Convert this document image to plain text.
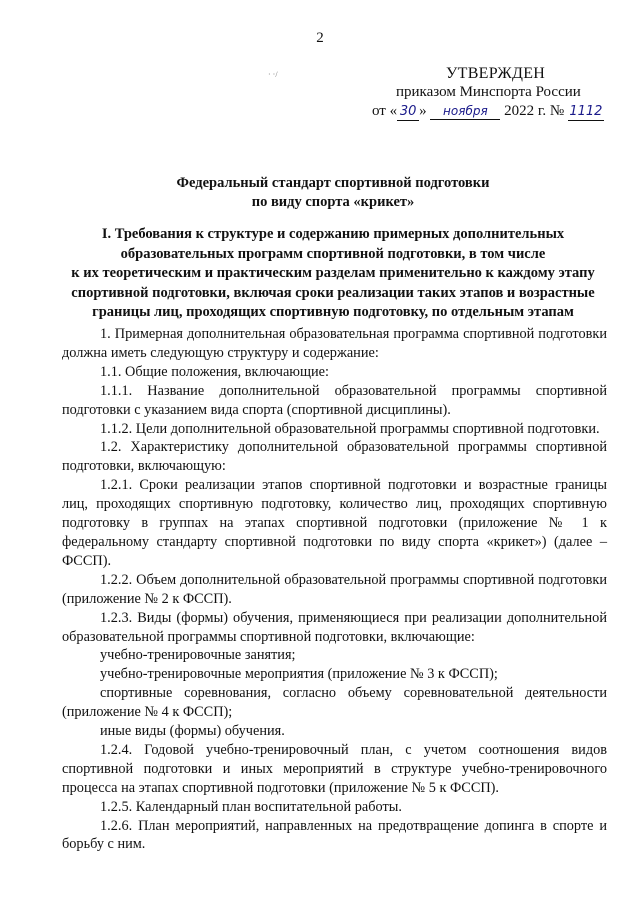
2
· ·/	УТВЕРЖДЕН
приказом Минспорта России
от « 30 » ноября 2022 г. № 1112
Федеральный стандарт спортивной подготовки
по виду спорта «крикет»
I. Требования к структуре и содержанию примерных дополнительных
образовательных программ спортивной подготовки, в том числе
к их теоретическим и практическим разделам применительно к каждому этапу
спортивной подготовки, включая сроки реализации таких этапов и возрастные
границы лиц, проходящих спортивную подготовку, по отдельным этапам

1. Примерная дополнительная образовательная программа спортивной подготовки должна иметь следующую структуру и содержание:

1.1. Общие положения, включающие:

1.1.1. Название дополнительной образовательной программы спортивной подготовки с указанием вида спорта (спортивной дисциплины).

1.1.2. Цели дополнительной образовательной программы спортивной подготовки.

1.2. Характеристику дополнительной образовательной программы спортивной подготовки, включающую:

1.2.1. Сроки реализации этапов спортивной подготовки и возрастные границы лиц, проходящих спортивную подготовку, количество лиц, проходящих спортивную подготовку в группах на этапах спортивной подготовки (приложение № 1 к федеральному стандарту спортивной подготовки по виду спорта «крикет») (далее – ФССП).

1.2.2. Объем дополнительной образовательной программы спортивной подготовки (приложение № 2 к ФССП).

1.2.3. Виды (формы) обучения, применяющиеся при реализации дополнительной образовательной программы спортивной подготовки, включающие:

учебно-тренировочные занятия;

учебно-тренировочные мероприятия (приложение № 3 к ФССП);

спортивные соревнования, согласно объему соревновательной деятельности (приложение № 4 к ФССП);

иные виды (формы) обучения.

1.2.4. Годовой учебно-тренировочный план, с учетом соотношения видов спортивной подготовки и иных мероприятий в структуре учебно-тренировочного процесса на этапах спортивной подготовки (приложение № 5 к ФССП).

1.2.5. Календарный план воспитательной работы.

1.2.6. План мероприятий, направленных на предотвращение допинга в спорте и борьбу с ним.
